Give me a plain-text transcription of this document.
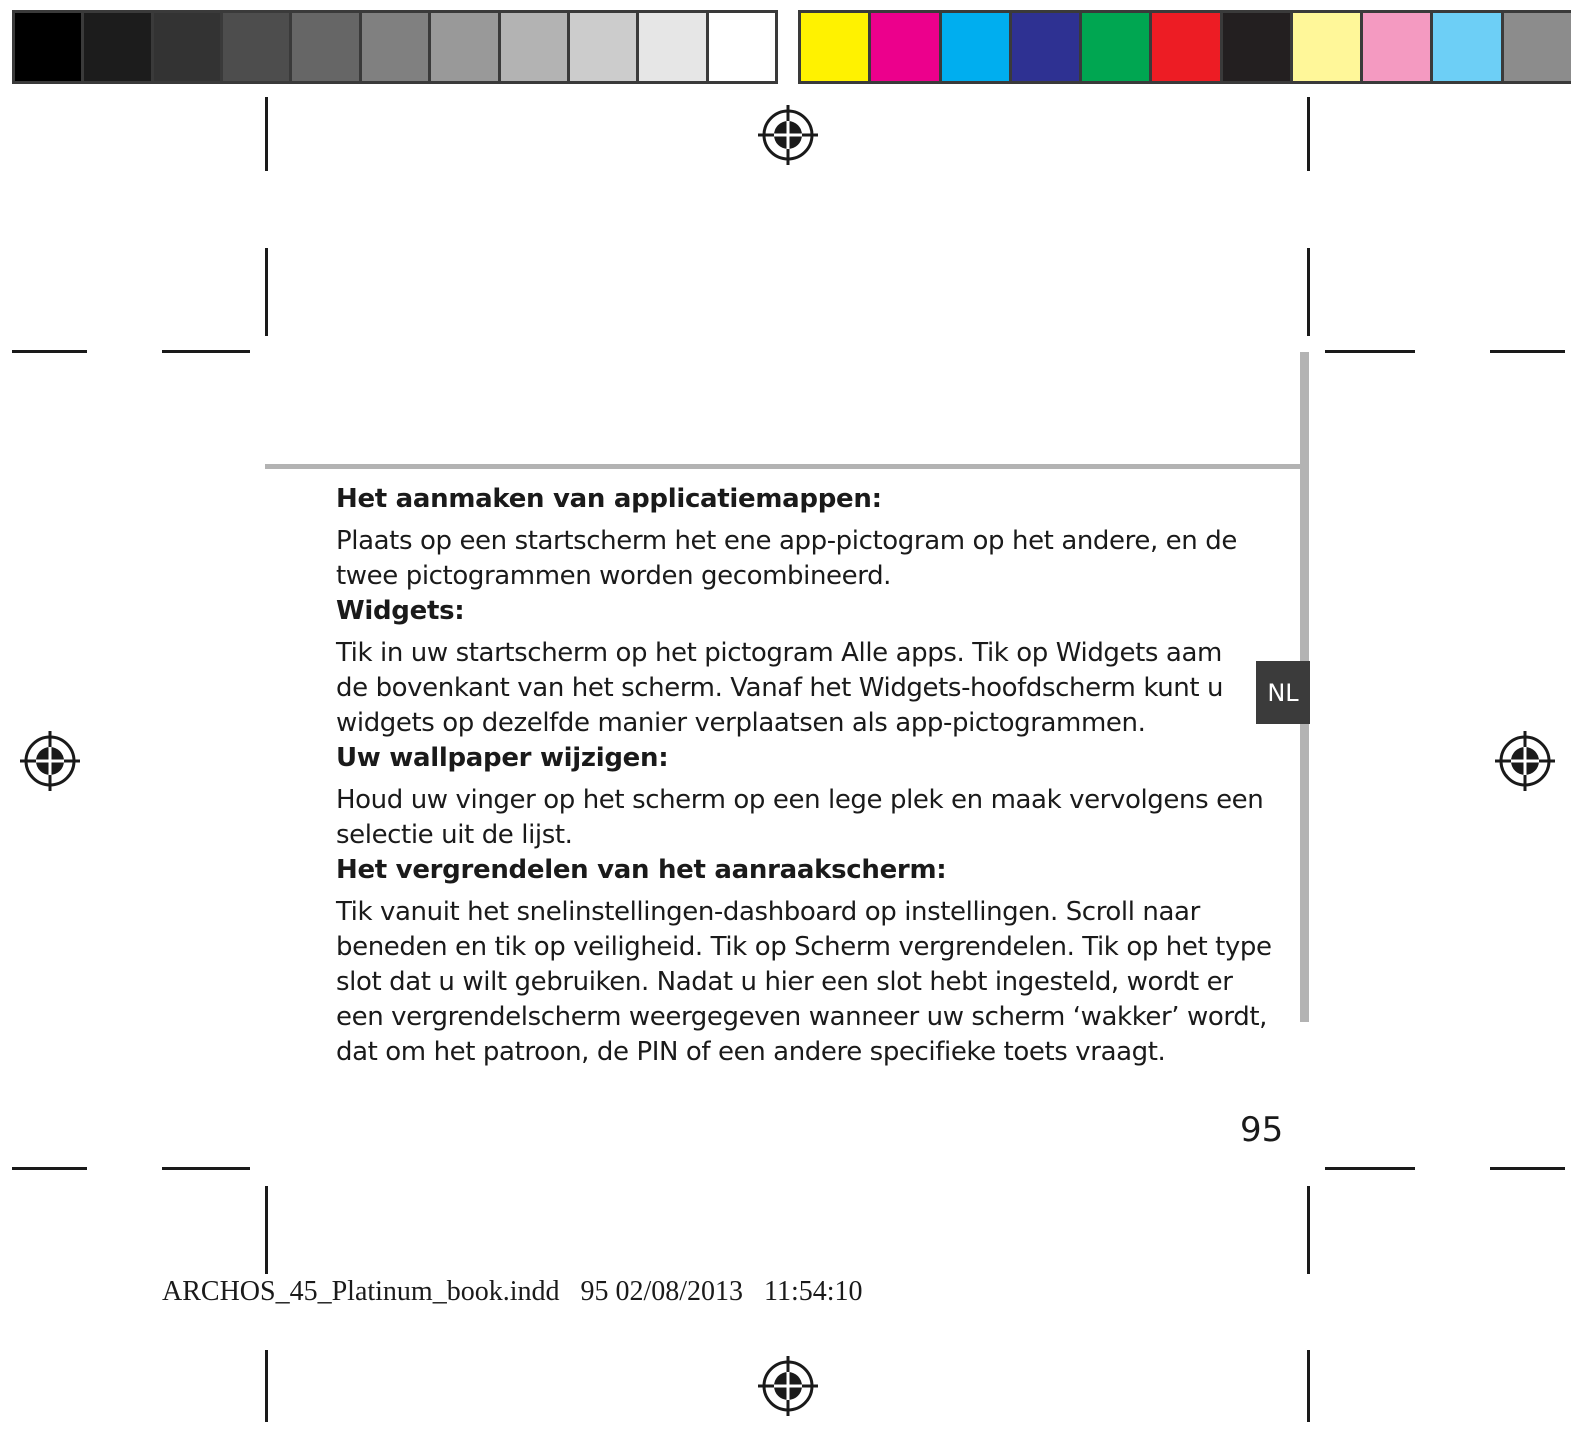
NL
Het aanmaken van applicatiemappen:
Plaats op een startscherm het ene app-pictogram op het andere, en de
twee pictogrammen worden gecombineerd.
Widgets:
Tik in uw startscherm op het pictogram Alle apps. Tik op Widgets aam
de bovenkant van het scherm. Vanaf het Widgets-hoofdscherm kunt u
widgets op dezelfde manier verplaatsen als app-pictogrammen.
Uw wallpaper wijzigen:
Houd uw vinger op het scherm op een lege plek en maak vervolgens een
selectie uit de lijst.
Het vergrendelen van het aanraakscherm:
Tik vanuit het snelinstellingen-dashboard op instellingen. Scroll naar
beneden en tik op veiligheid. Tik op Scherm vergrendelen. Tik op het type
slot dat u wilt gebruiken. Nadat u hier een slot hebt ingesteld, wordt er
een vergrendelscherm weergegeven wanneer uw scherm ‘wakker’ wordt,
dat om het patroon, de PIN of een andere specifieke toets vraagt.
95
ARCHOS_45_Platinum_book.indd   95 02/08/2013   11:54:10
